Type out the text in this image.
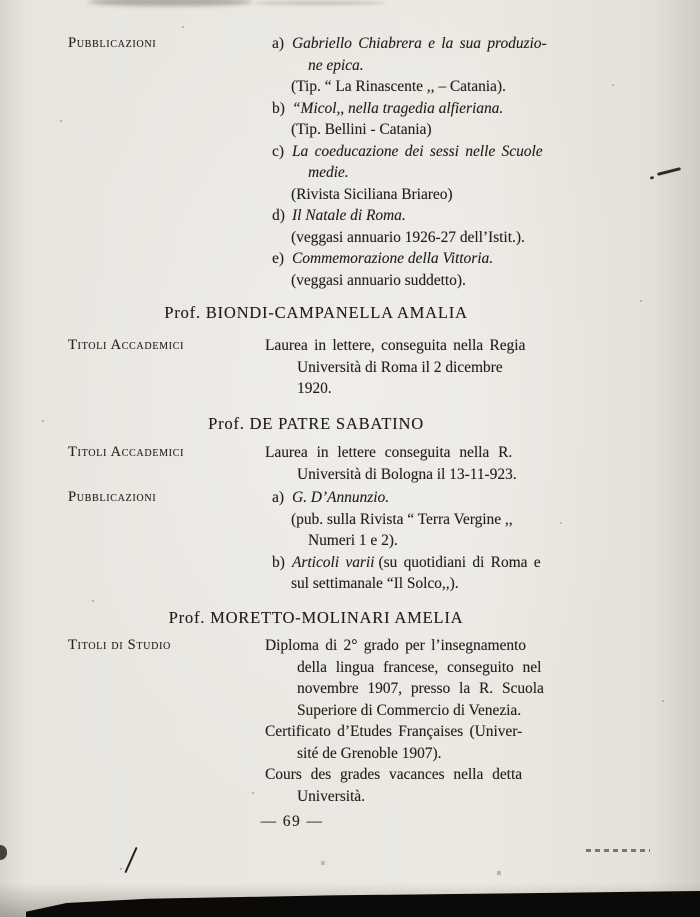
Pubblicazioni
Titoli Accademici
Titoli Accademici
Pubblicazioni
Titoli di Studio
a) Gabriello Chiabrera e la sua produzio-
ne epica.
(Tip. “ La Rinascente ,, – Catania).
b) “Micol,, nella tragedia alfieriana.
(Tip. Bellini - Catania)
c) La coeducazione dei sessi nelle Scuole
medie.
(Rivista Siciliana Briareo)
d) Il Natale di Roma.
(veggasi annuario 1926-27 dell’Istit.).
e) Commemorazione della Vittoria.
(veggasi annuario suddetto).
Prof. BIONDI-CAMPANELLA AMALIA
Laurea in lettere, conseguita nella Regia
Università di Roma il 2 dicembre
1920.
Prof. DE PATRE SABATINO
Laurea in lettere conseguita nella R.
Università di Bologna il 13-11-923.
a) G. D’Annunzio.
(pub. sulla Rivista “ Terra Vergine ,,
Numeri 1 e 2).
b) Articoli varii (su quotidiani di Roma e
sul settimanale “Il Solco,,).
Prof. MORETTO-MOLINARI AMELIA
Diploma di 2° grado per l’insegnamento
della lingua francese, conseguito nel
novembre 1907, presso la R. Scuola
Superiore di Commercio di Venezia.
Certificato d’Etudes Françaises (Univer-
sité de Grenoble 1907).
Cours des grades vacances nella detta
Università.
— 69 —
